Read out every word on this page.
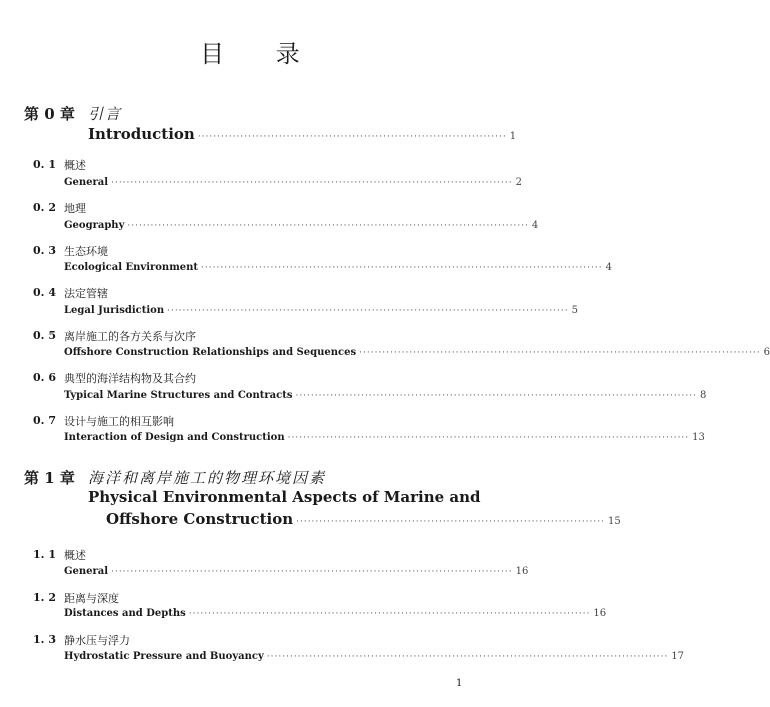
目 录
第 0 章 引言
Introduction ················································································ 1
0. 1 概述
General ········································································································ 2
0. 2 地理
Geography ········································································································ 4
0. 3 生态环境
Ecological Environment ········································································································ 4
0. 4 法定管辖
Legal Jurisdiction ········································································································ 5
0. 5 离岸施工的各方关系与次序
Offshore Construction Relationships and Sequences ········································································································ 6
0. 6 典型的海洋结构物及其合约
Typical Marine Structures and Contracts ········································································································ 8
0. 7 设计与施工的相互影响
Interaction of Design and Construction ········································································································ 13
第 1 章 海洋和离岸施工的物理环境因素
Physical Environmental Aspects of Marine and
Offshore Construction ················································································ 15
1. 1 概述
General ········································································································ 16
1. 2 距离与深度
Distances and Depths ········································································································ 16
1. 3 静水压与浮力
Hydrostatic Pressure and Buoyancy ········································································································ 17
1
